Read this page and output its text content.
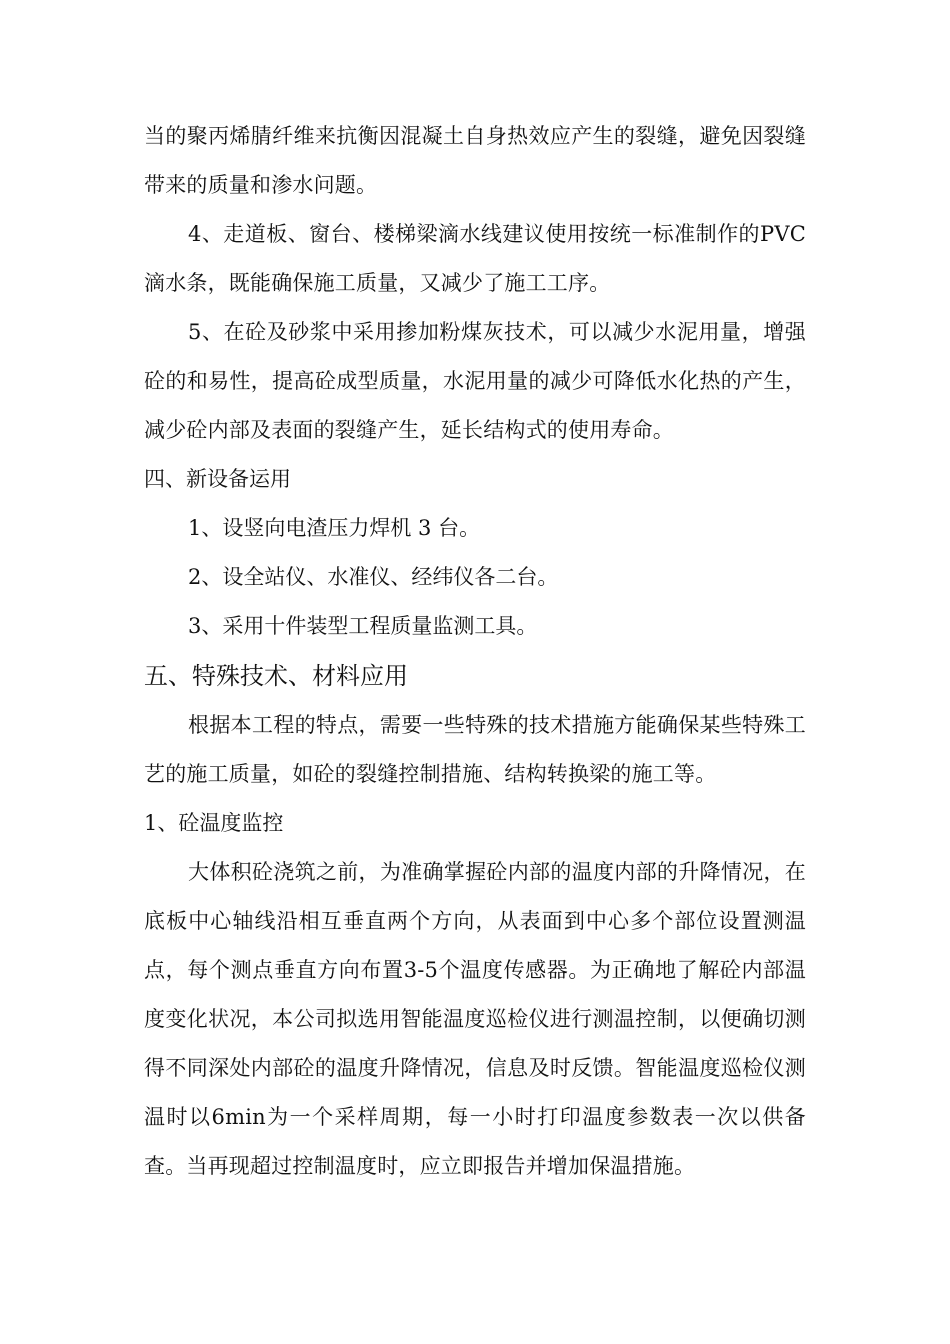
当的聚丙烯腈纤维来抗衡因混凝土自身热效应产生的裂缝，避免因裂缝带来的质量和渗水问题。

4、走道板、窗台、楼梯梁滴水线建议使用按统一标准制作的PVC滴水条，既能确保施工质量，又减少了施工工序。

5、在砼及砂浆中采用掺加粉煤灰技术，可以减少水泥用量，增强砼的和易性，提高砼成型质量，水泥用量的减少可降低水化热的产生，减少砼内部及表面的裂缝产生，延长结构式的使用寿命。

四、新设备运用

1、设竖向电渣压力焊机 3 台。

2、设全站仪、水准仪、经纬仪各二台。

3、采用十件装型工程质量监测工具。

五、特殊技术、材料应用

根据本工程的特点，需要一些特殊的技术措施方能确保某些特殊工艺的施工质量，如砼的裂缝控制措施、结构转换梁的施工等。

1、砼温度监控

大体积砼浇筑之前，为准确掌握砼内部的温度内部的升降情况，在底板中心轴线沿相互垂直两个方向，从表面到中心多个部位设置测温点，每个测点垂直方向布置3-5个温度传感器。为正确地了解砼内部温度变化状况，本公司拟选用智能温度巡检仪进行测温控制，以便确切测得不同深处内部砼的温度升降情况，信息及时反馈。智能温度巡检仪测温时以6min为一个采样周期，每一小时打印温度参数表一次以供备查。当再现超过控制温度时，应立即报告并增加保温措施。
